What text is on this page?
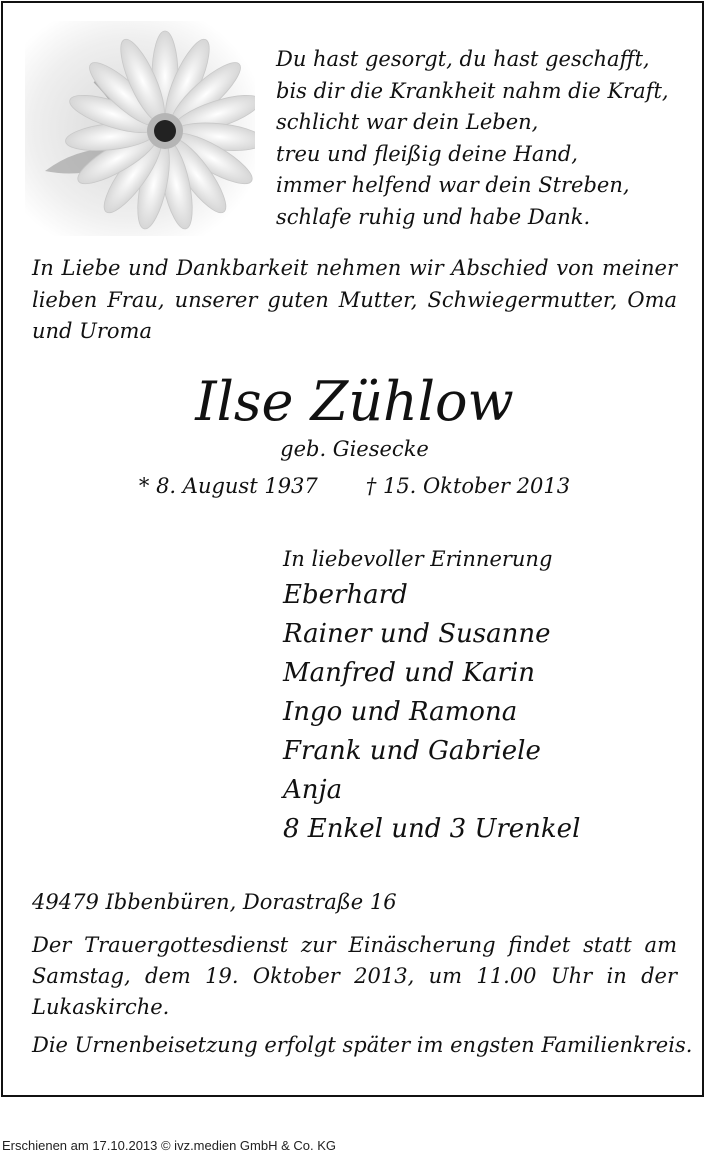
Du hast gesorgt, du hast geschafft,
bis dir die Krankheit nahm die Kraft,
schlicht war dein Leben,
treu und fleißig deine Hand,
immer helfend war dein Streben,
schlafe ruhig und habe Dank.
In Liebe und Dankbarkeit nehmen wir Abschied von meiner lieben Frau, unserer guten Mutter, Schwiegermutter, Oma und Uroma
Ilse Zühlow
geb. Giesecke
* 8. August 1937 † 15. Oktober 2013
In liebevoller Erinnerung
Eberhard
Rainer und Susanne
Manfred und Karin
Ingo und Ramona
Frank und Gabriele
Anja
8 Enkel und 3 Urenkel
49479 Ibbenbüren, Dorastraße 16
Der Trauergottesdienst zur Einäscherung findet statt am Samstag, dem 19. Oktober 2013, um 11.00 Uhr in der Lukaskirche.
Die Urnenbeisetzung erfolgt später im engsten Familienkreis.
Erschienen am 17.10.2013 © ivz.medien GmbH & Co. KG
